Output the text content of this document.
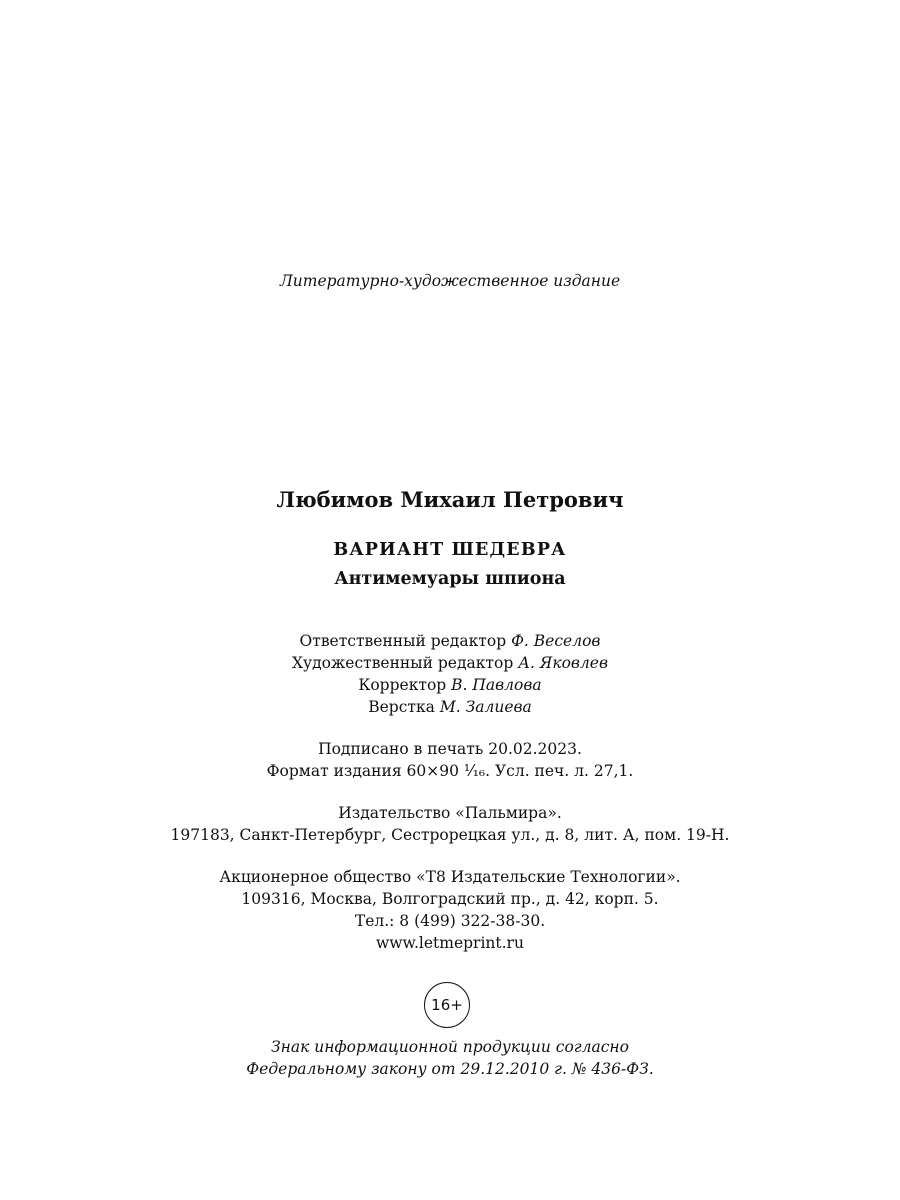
Литературно-художественное издание
Любимов Михаил Петрович
ВАРИАНТ ШЕДЕВРА
Антимемуары шпиона
Ответственный редактор Ф. Веселов
Художественный редактор А. Яковлев
Корректор В. Павлова
Верстка М. Залиева
Подписано в печать 20.02.2023.
Формат издания 60×90 ¹⁄₁₆. Усл. печ. л. 27,1.
Издательство «Пальмира».
197183, Санкт-Петербург, Сестрорецкая ул., д. 8, лит. А, пом. 19-Н.
Акционерное общество «Т8 Издательские Технологии».
109316, Москва, Волгоградский пр., д. 42, корп. 5.
Тел.: 8 (499) 322-38-30.
www.letmeprint.ru
16+
Знак информационной продукции согласно
Федеральному закону от 29.12.2010 г. № 436-ФЗ.
